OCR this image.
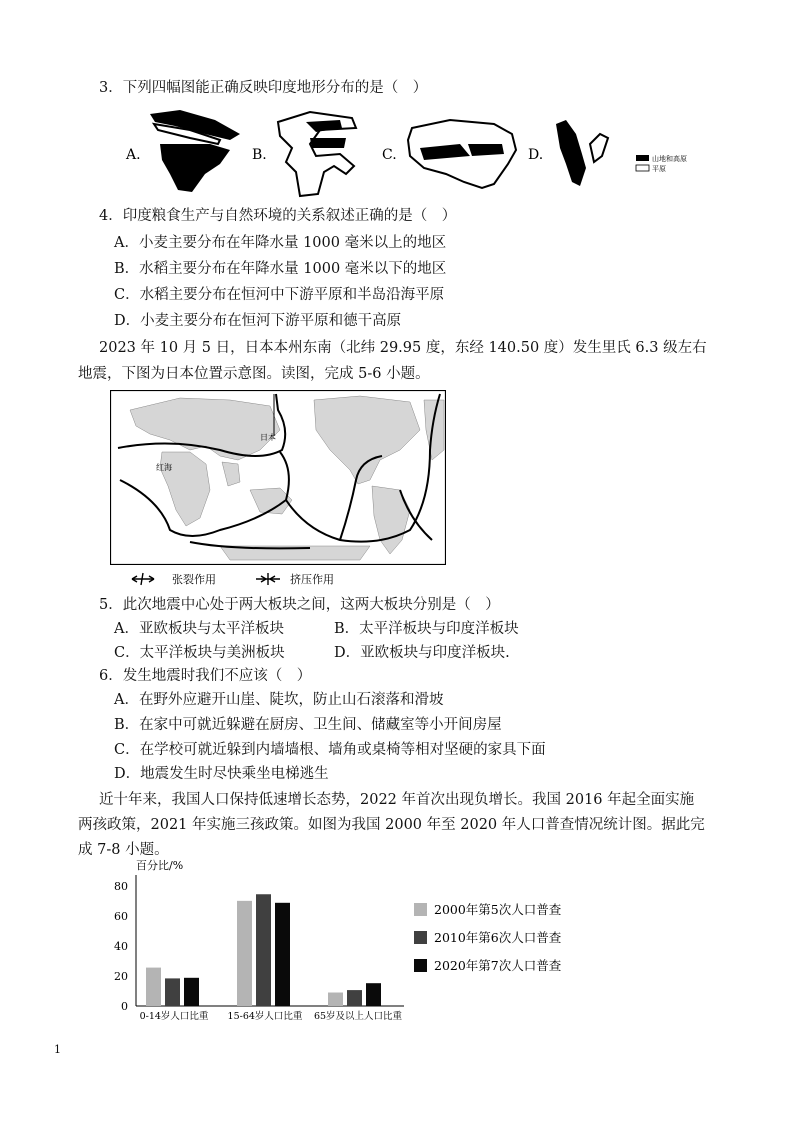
3．下列四幅图能正确反映印度地形分布的是（　）
A.	B.	C.	D.	山地和高原
平原
4．印度粮食生产与自然环境的关系叙述正确的是（　）
A．小麦主要分布在年降水量 1000 毫米以上的地区
B．水稻主要分布在年降水量 1000 毫米以下的地区
C．水稻主要分布在恒河中下游平原和半岛沿海平原
D．小麦主要分布在恒河下游平原和德干高原
2023 年 10 月 5 日，日本本州东南（北纬 29.95 度，东经 140.50 度）发生里氏 6.3 级左右
地震，下图为日本位置示意图。读图，完成 5-6 小题。
日本
红海
张裂作用	挤压作用
5．此次地震中心处于两大板块之间，这两大板块分别是（　）
A．亚欧板块与太平洋板块	B．太平洋板块与印度洋板块
C．太平洋板块与美洲板块	D．亚欧板块与印度洋板块.
6．发生地震时我们不应该（　）
A．在野外应避开山崖、陡坎，防止山石滚落和滑坡
B．在家中可就近躲避在厨房、卫生间、储藏室等小开间房屋
C．在学校可就近躲到内墙墙根、墙角或桌椅等相对坚硬的家具下面
D．地震发生时尽快乘坐电梯逃生
近十年来，我国人口保持低速增长态势，2022 年首次出现负增长。我国 2016 年起全面实施
两孩政策，2021 年实施三孩政策。如图为我国 2000 年至 2020 年人口普查情况统计图。据此完
成 7-8 小题。
百分比/%
0
20
40
60
80
0-14岁人口比重 15-64岁人口比重 65岁及以上人口比重
2000年第5次人口普查
2010年第6次人口普查
2020年第7次人口普查
1
